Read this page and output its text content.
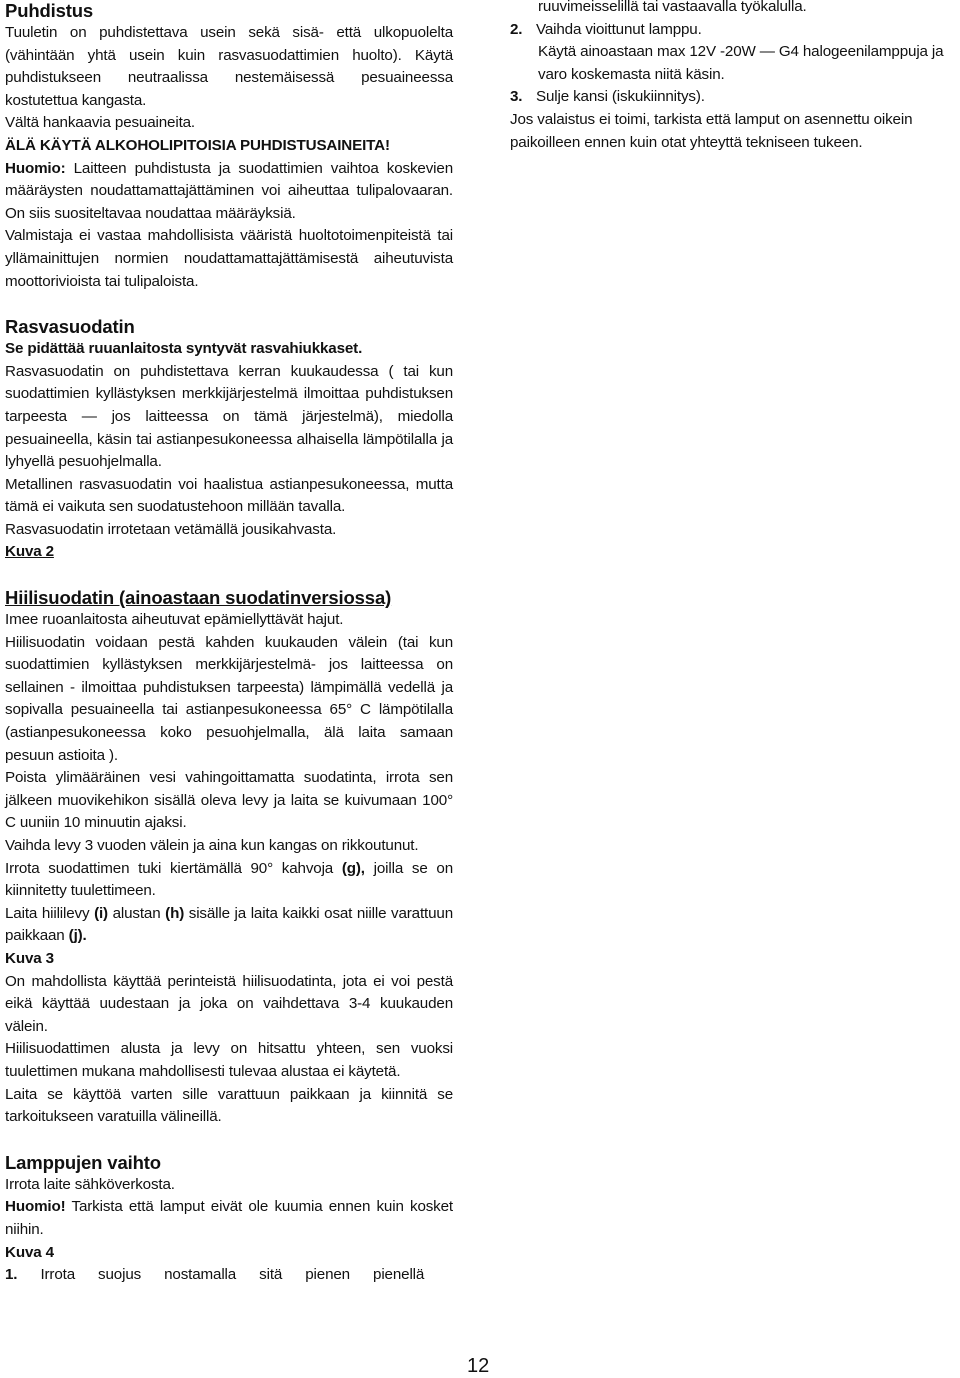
Puhdistus

Tuuletin on puhdistettava usein sekä sisä- että ulkopuolelta (vähintään yhtä usein kuin rasvasuodattimien huolto). Käytä puhdistukseen neutraalissa nestemäisessä pesuaineessa kostutettua kangasta.

Vältä hankaavia pesuaineita.

ÄLÄ KÄYTÄ ALKOHOLIPITOISIA PUHDISTUSAINEITA!

Huomio: Laitteen puhdistusta ja suodattimien vaihtoa koskevien määräysten noudattamattajättäminen voi aiheuttaa tulipalovaaran. On siis suositeltavaa noudattaa määräyksiä.

Valmistaja ei vastaa mahdollisista vääristä huoltotoimenpiteistä tai yllämainittujen normien noudattamattajättämisestä aiheutuvista moottorivioista tai tulipaloista.

Rasvasuodatin

Se pidättää ruuanlaitosta syntyvät rasvahiukkaset.

Rasvasuodatin on puhdistettava kerran kuukaudessa ( tai kun suodattimien kyllästyksen merkkijärjestelmä ilmoittaa puhdistuksen tarpeesta — jos laitteessa on tämä järjestelmä), miedolla pesuaineella, käsin tai astianpesukoneessa alhaisella lämpötilalla ja lyhyellä pesuohjelmalla.

Metallinen rasvasuodatin voi haalistua astianpesukoneessa, mutta tämä ei vaikuta sen suodatustehoon millään tavalla.

Rasvasuodatin irrotetaan vetämällä jousikahvasta.

Kuva 2

Hiilisuodatin (ainoastaan suodatinversiossa)

Imee ruoanlaitosta aiheutuvat epämiellyttävät hajut.

Hiilisuodatin voidaan pestä kahden kuukauden välein (tai kun suodattimien kyllästyksen merkkijärjestelmä- jos laitteessa on sellainen - ilmoittaa puhdistuksen tarpeesta) lämpimällä vedellä ja sopivalla pesuaineella tai astianpesukoneessa 65° C lämpötilalla (astianpesukoneessa koko pesuohjelmalla, älä laita samaan pesuun astioita ).

Poista ylimääräinen vesi vahingoittamatta suodatinta, irrota sen jälkeen muovikehikon sisällä oleva levy ja laita se kuivumaan 100° C uuniin 10 minuutin ajaksi.

Vaihda levy 3 vuoden välein ja aina kun kangas on rikkoutunut.

Irrota suodattimen tuki kiertämällä 90° kahvoja (g), joilla se on kiinnitetty tuulettimeen.

Laita hiililevy (i) alustan (h) sisälle ja laita kaikki osat niille varattuun paikkaan (j).

Kuva 3

On mahdollista käyttää perinteistä hiilisuodatinta, jota ei voi pestä eikä käyttää uudestaan ja joka on vaihdettava 3-4 kuukauden välein.

Hiilisuodattimen alusta ja levy on hitsattu yhteen, sen vuoksi tuulettimen mukana mahdollisesti tulevaa alustaa ei käytetä.

Laita se käyttöä varten sille varattuun paikkaan ja kiinnitä se tarkoitukseen varatuilla välineillä.

Lamppujen vaihto

Irrota laite sähköverkosta.

Huomio! Tarkista että lamput eivät ole kuumia ennen kuin kosket niihin.

Kuva 4

1. Irrota suojus nostamalla sitä pienen pienellä

ruuvimeisselillä tai vastaavalla työkalulla.

2. Vaihda vioittunut lamppu.

Käytä ainoastaan max 12V -20W — G4 halogeenilamppuja ja varo koskemasta niitä käsin.

3. Sulje kansi (iskukiinnitys).

Jos valaistus ei toimi, tarkista että lamput on asennettu oikein paikoilleen ennen kuin otat yhteyttä tekniseen tukeen.

12
